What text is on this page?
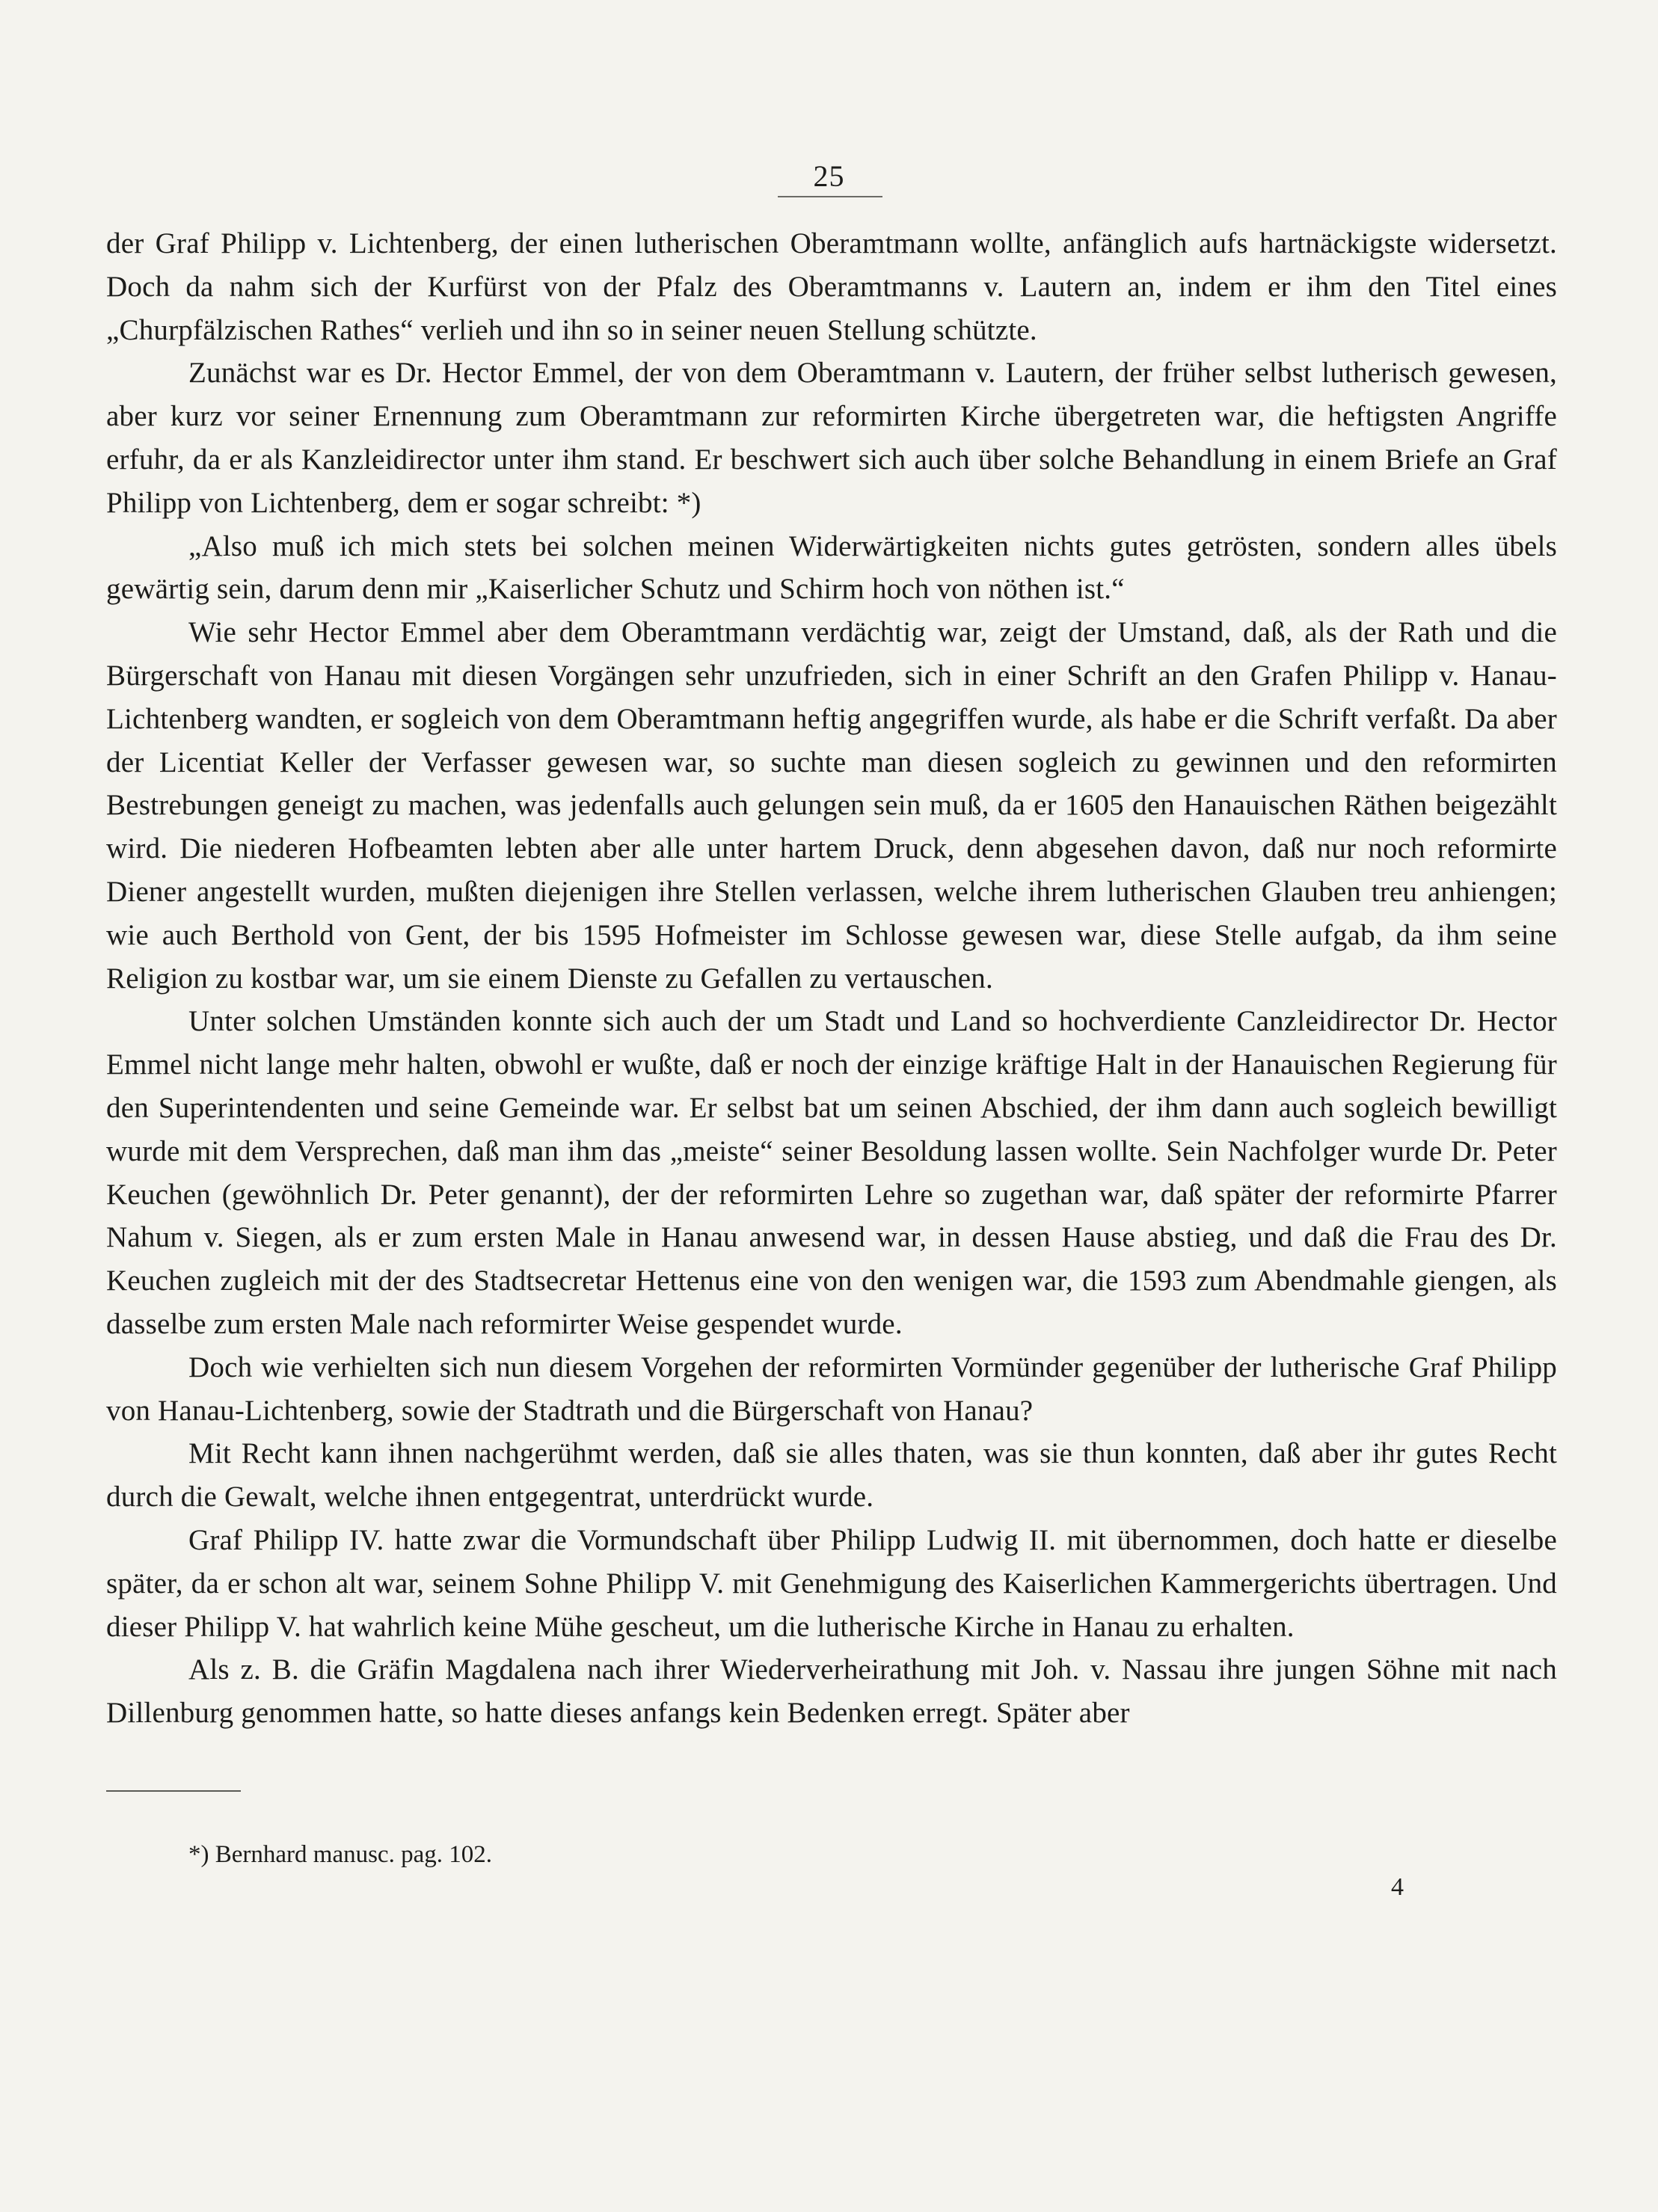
25

der Graf Philipp v. Lichtenberg, der einen lutherischen Oberamtmann wollte, anfänglich aufs hartnäckigste widersetzt. Doch da nahm sich der Kurfürst von der Pfalz des Oberamtmanns v. Lautern an, indem er ihm den Titel eines „Churpfälzischen Rathes“ verlieh und ihn so in seiner neuen Stellung schützte.

Zunächst war es Dr. Hector Emmel, der von dem Oberamtmann v. Lautern, der früher selbst lutherisch gewesen, aber kurz vor seiner Ernennung zum Oberamtmann zur reformirten Kirche übergetreten war, die heftigsten Angriffe erfuhr, da er als Kanzleidirector unter ihm stand. Er beschwert sich auch über solche Behandlung in einem Briefe an Graf Philipp von Lichtenberg, dem er sogar schreibt: *)

„Also muß ich mich stets bei solchen meinen Widerwärtigkeiten nichts gutes getrösten, sondern alles übels gewärtig sein, darum denn mir „Kaiserlicher Schutz und Schirm hoch von nöthen ist.“

Wie sehr Hector Emmel aber dem Oberamtmann verdächtig war, zeigt der Umstand, daß, als der Rath und die Bürgerschaft von Hanau mit diesen Vorgängen sehr unzufrieden, sich in einer Schrift an den Grafen Philipp v. Hanau-Lichtenberg wandten, er sogleich von dem Oberamtmann heftig angegriffen wurde, als habe er die Schrift verfaßt. Da aber der Licentiat Keller der Verfasser gewesen war, so suchte man diesen sogleich zu gewinnen und den reformirten Bestrebungen geneigt zu machen, was jedenfalls auch gelungen sein muß, da er 1605 den Hanauischen Räthen beigezählt wird. Die niederen Hofbeamten lebten aber alle unter hartem Druck, denn abgesehen davon, daß nur noch reformirte Diener angestellt wurden, mußten diejenigen ihre Stellen verlassen, welche ihrem lutherischen Glauben treu anhiengen; wie auch Berthold von Gent, der bis 1595 Hofmeister im Schlosse gewesen war, diese Stelle aufgab, da ihm seine Religion zu kostbar war, um sie einem Dienste zu Gefallen zu vertauschen.

Unter solchen Umständen konnte sich auch der um Stadt und Land so hochverdiente Canzleidirector Dr. Hector Emmel nicht lange mehr halten, obwohl er wußte, daß er noch der einzige kräftige Halt in der Hanauischen Regierung für den Superintendenten und seine Gemeinde war. Er selbst bat um seinen Abschied, der ihm dann auch sogleich bewilligt wurde mit dem Versprechen, daß man ihm das „meiste“ seiner Besoldung lassen wollte. Sein Nachfolger wurde Dr. Peter Keuchen (gewöhnlich Dr. Peter genannt), der der reformirten Lehre so zugethan war, daß später der reformirte Pfarrer Nahum v. Siegen, als er zum ersten Male in Hanau anwesend war, in dessen Hause abstieg, und daß die Frau des Dr. Keuchen zugleich mit der des Stadtsecretar Hettenus eine von den wenigen war, die 1593 zum Abendmahle giengen, als dasselbe zum ersten Male nach reformirter Weise gespendet wurde.

Doch wie verhielten sich nun diesem Vorgehen der reformirten Vormünder gegenüber der lutherische Graf Philipp von Hanau-Lichtenberg, sowie der Stadtrath und die Bürgerschaft von Hanau?

Mit Recht kann ihnen nachgerühmt werden, daß sie alles thaten, was sie thun konnten, daß aber ihr gutes Recht durch die Gewalt, welche ihnen entgegentrat, unterdrückt wurde.

Graf Philipp IV. hatte zwar die Vormundschaft über Philipp Ludwig II. mit übernommen, doch hatte er dieselbe später, da er schon alt war, seinem Sohne Philipp V. mit Genehmigung des Kaiserlichen Kammergerichts übertragen. Und dieser Philipp V. hat wahrlich keine Mühe gescheut, um die lutherische Kirche in Hanau zu erhalten.

Als z. B. die Gräfin Magdalena nach ihrer Wiederverheirathung mit Joh. v. Nassau ihre jungen Söhne mit nach Dillenburg genommen hatte, so hatte dieses anfangs kein Bedenken erregt. Später aber

*) Bernhard manusc. pag. 102.
4
